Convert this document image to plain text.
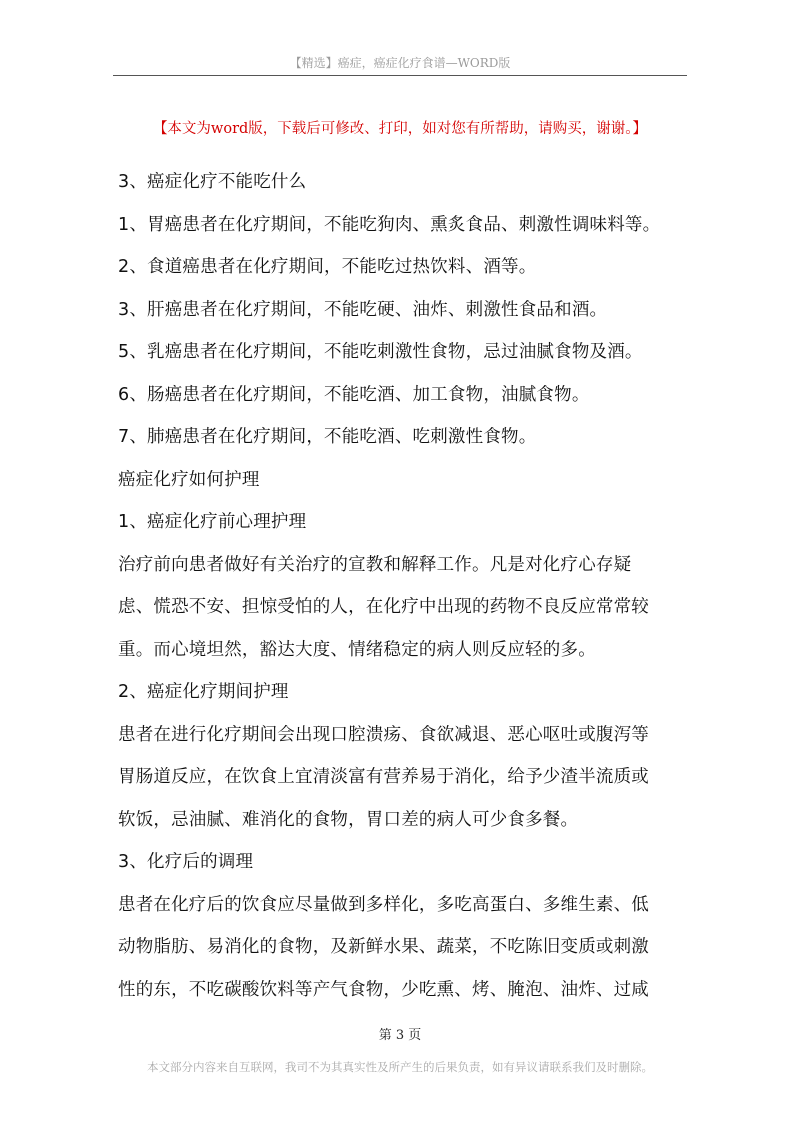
【精选】癌症，癌症化疗食谱—WORD版
【本文为word版，下载后可修改、打印，如对您有所帮助，请购买，谢谢。】
3、癌症化疗不能吃什么
1、胃癌患者在化疗期间，不能吃狗肉、熏炙食品、刺激性调味料等。
2、食道癌患者在化疗期间，不能吃过热饮料、酒等。
3、肝癌患者在化疗期间，不能吃硬、油炸、刺激性食品和酒。
5、乳癌患者在化疗期间，不能吃刺激性食物，忌过油腻食物及酒。
6、肠癌患者在化疗期间，不能吃酒、加工食物，油腻食物。
7、肺癌患者在化疗期间，不能吃酒、吃刺激性食物。
癌症化疗如何护理
1、癌症化疗前心理护理
治疗前向患者做好有关治疗的宣教和解释工作。凡是对化疗心存疑
虑、慌恐不安、担惊受怕的人，在化疗中出现的药物不良反应常常较
重。而心境坦然，豁达大度、情绪稳定的病人则反应轻的多。
2、癌症化疗期间护理
患者在进行化疗期间会出现口腔溃疡、食欲减退、恶心呕吐或腹泻等
胃肠道反应，在饮食上宜清淡富有营养易于消化，给予少渣半流质或
软饭，忌油腻、难消化的食物，胃口差的病人可少食多餐。
3、化疗后的调理
患者在化疗后的饮食应尽量做到多样化，多吃高蛋白、多维生素、低
动物脂肪、易消化的食物，及新鲜水果、蔬菜，不吃陈旧变质或刺激
性的东，不吃碳酸饮料等产气食物，少吃熏、烤、腌泡、油炸、过咸
第 3 页
本文部分内容来自互联网，我司不为其真实性及所产生的后果负责，如有异议请联系我们及时删除。
